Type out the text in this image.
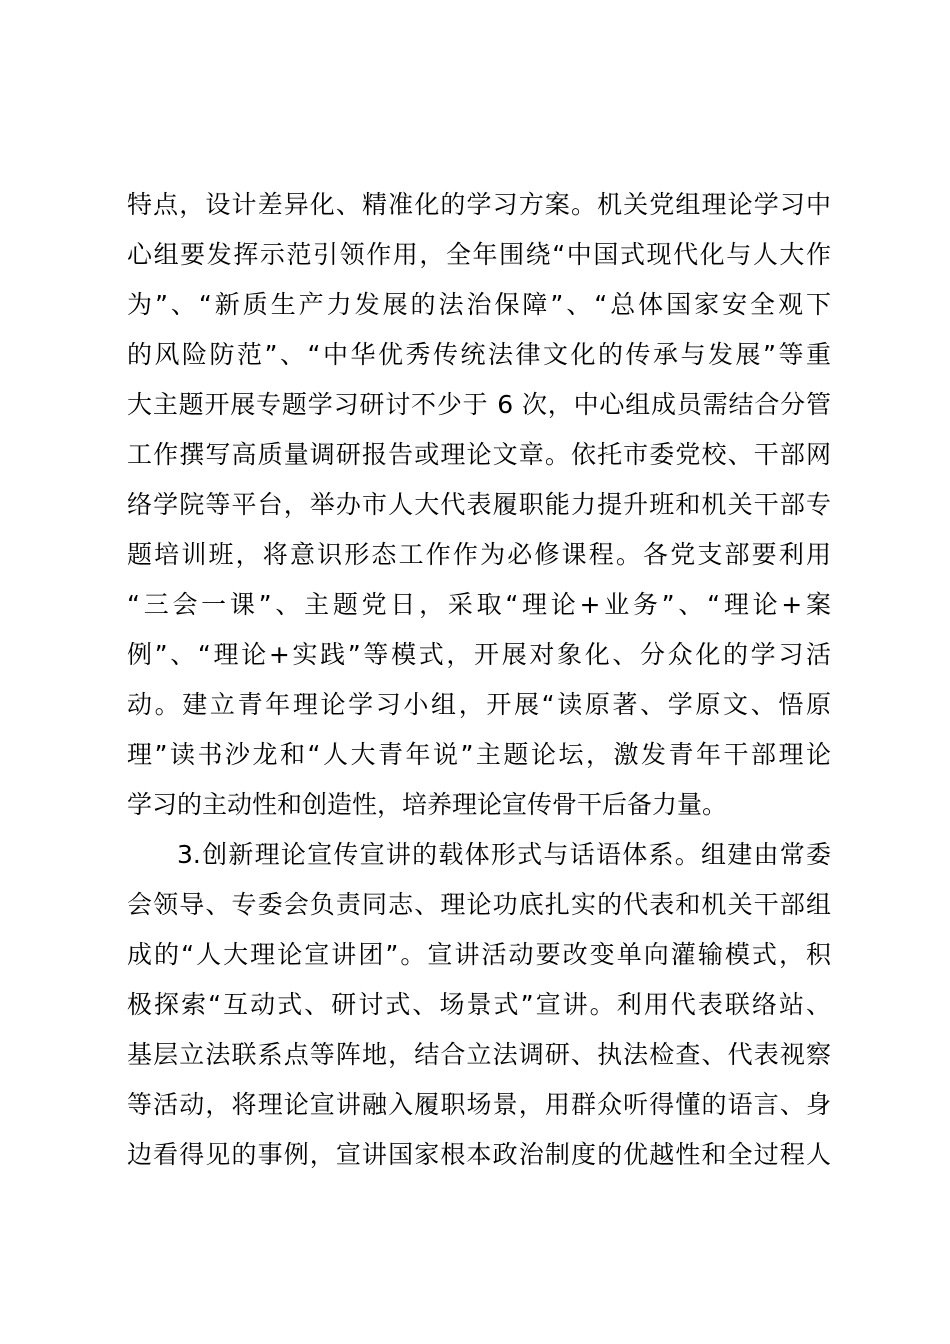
特点，设计差异化、精准化的学习方案。机关党组理论学习中
心组要发挥示范引领作用，全年围绕“中国式现代化与人大作
为”、“新质生产力发展的法治保障”、“总体国家安全观下
的风险防范”、“中华优秀传统法律文化的传承与发展”等重
大主题开展专题学习研讨不少于 6 次，中心组成员需结合分管
工作撰写高质量调研报告或理论文章。依托市委党校、干部网
络学院等平台，举办市人大代表履职能力提升班和机关干部专
题培训班，将意识形态工作作为必修课程。各党支部要利用
“三会一课”、主题党日，采取“理论+业务”、“理论+案
例”、“理论+实践”等模式，开展对象化、分众化的学习活
动。建立青年理论学习小组，开展“读原著、学原文、悟原
理”读书沙龙和“人大青年说”主题论坛，激发青年干部理论
学习的主动性和创造性，培养理论宣传骨干后备力量。
3.创新理论宣传宣讲的载体形式与话语体系。组建由常委
会领导、专委会负责同志、理论功底扎实的代表和机关干部组
成的“人大理论宣讲团”。宣讲活动要改变单向灌输模式，积
极探索“互动式、研讨式、场景式”宣讲。利用代表联络站、
基层立法联系点等阵地，结合立法调研、执法检查、代表视察
等活动，将理论宣讲融入履职场景，用群众听得懂的语言、身
边看得见的事例，宣讲国家根本政治制度的优越性和全过程人
